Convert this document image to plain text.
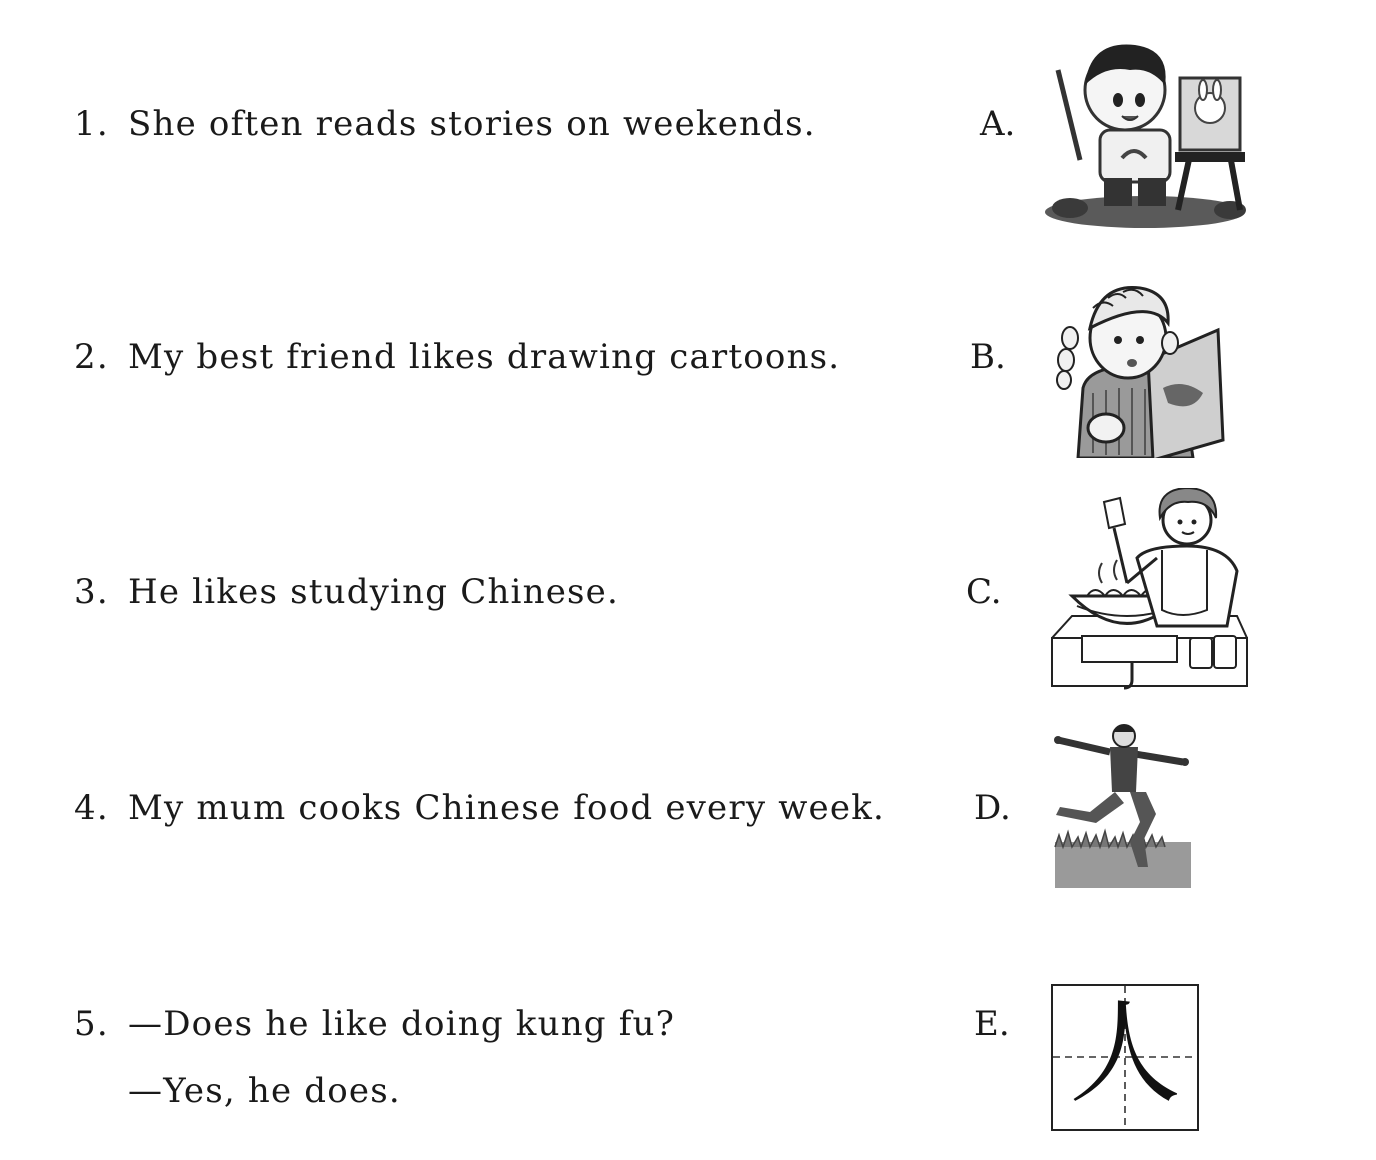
1. She often reads stories on weekends.
2. My best friend likes drawing cartoons.
3. He likes studying Chinese.
4. My mum cooks Chinese food every week.
5. —Does he like doing kung fu?
—Yes, he does.
A.
B.
C.
D.
E. 人
